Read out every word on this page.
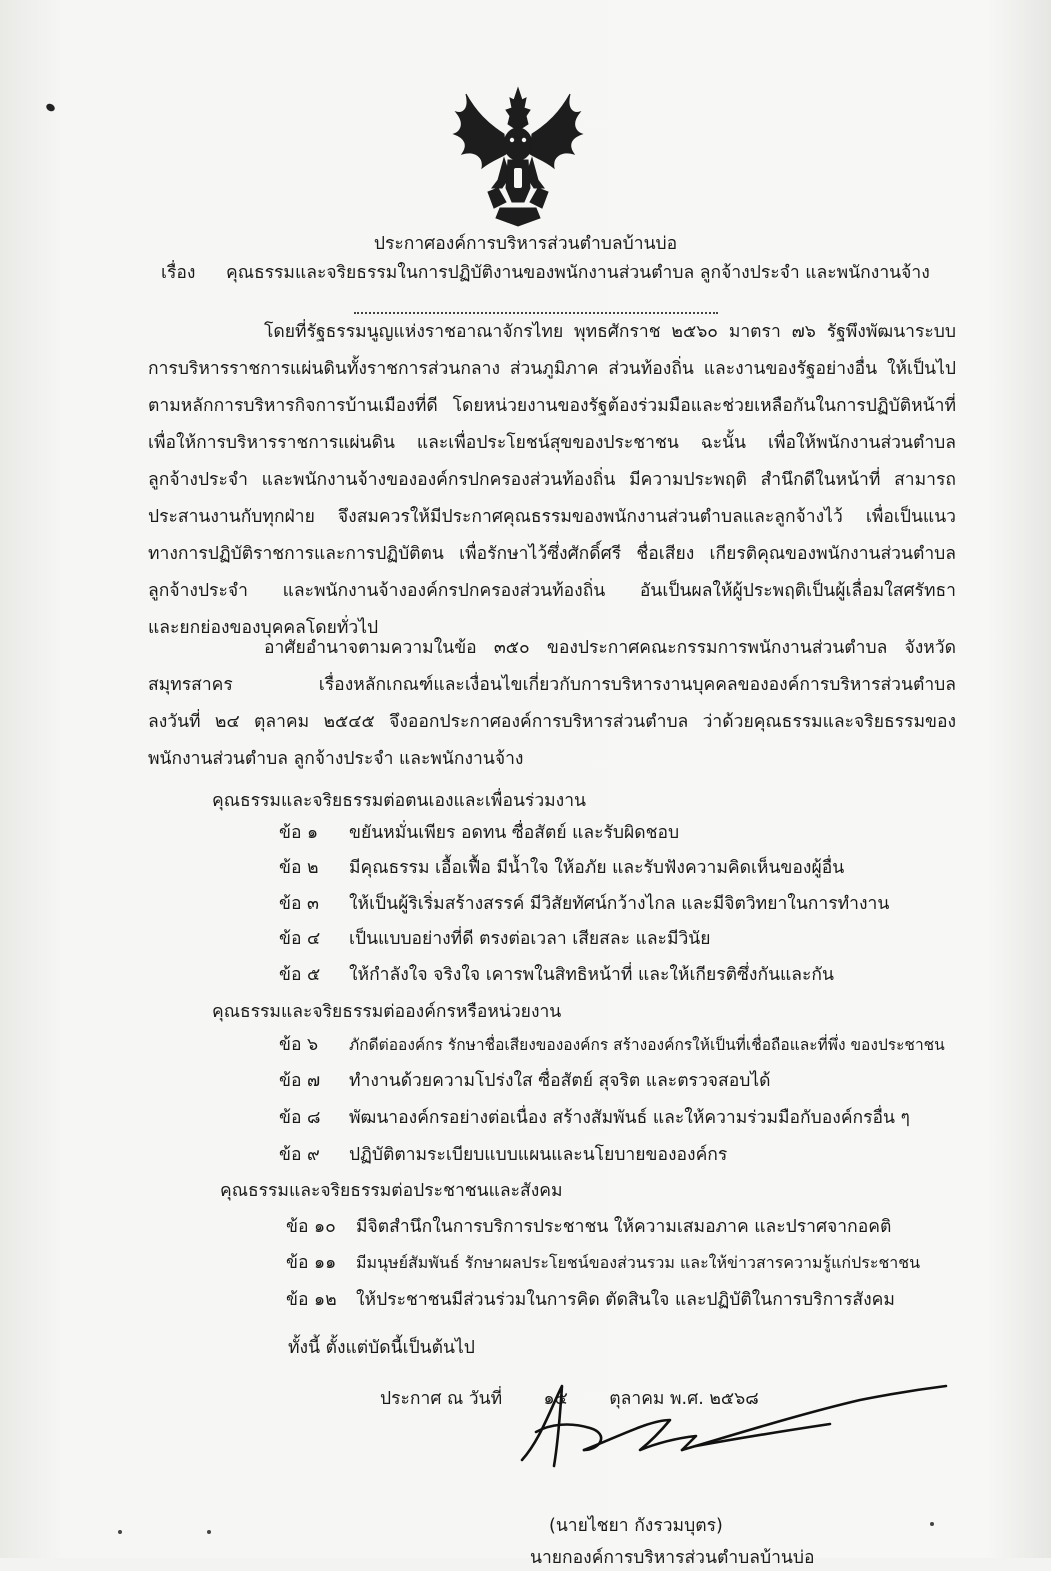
ประกาศองค์การบริหารส่วนตำบลบ้านบ่อ
เรื่อง คุณธรรมและจริยธรรมในการปฏิบัติงานของพนักงานส่วนตำบล ลูกจ้างประจำ และพนักงานจ้าง
โดยที่รัฐธรรมนูญแห่งราชอาณาจักรไทย พุทธศักราช ๒๕๖๐ มาตรา ๗๖ รัฐพึงพัฒนาระบบ
การบริหารราชการแผ่นดินทั้งราชการส่วนกลาง ส่วนภูมิภาค ส่วนท้องถิ่น และงานของรัฐอย่างอื่น ให้เป็นไป
ตามหลักการบริหารกิจการบ้านเมืองที่ดี โดยหน่วยงานของรัฐต้องร่วมมือและช่วยเหลือกันในการปฏิบัติหน้าที่
เพื่อให้การบริหารราชการแผ่นดิน และเพื่อประโยชน์สุขของประชาชน ฉะนั้น เพื่อให้พนักงานส่วนตำบล
ลูกจ้างประจำ และพนักงานจ้างขององค์กรปกครองส่วนท้องถิ่น มีความประพฤติ สำนึกดีในหน้าที่ สามารถ
ประสานงานกับทุกฝ่าย จึงสมควรให้มีประกาศคุณธรรมของพนักงานส่วนตำบลและลูกจ้างไว้ เพื่อเป็นแนว
ทางการปฏิบัติราชการและการปฏิบัติตน เพื่อรักษาไว้ซึ่งศักดิ์ศรี ชื่อเสียง เกียรติคุณของพนักงานส่วนตำบล
ลูกจ้างประจำ และพนักงานจ้างองค์กรปกครองส่วนท้องถิ่น อันเป็นผลให้ผู้ประพฤติเป็นผู้เลื่อมใสศรัทธา
และยกย่องของบุคคลโดยทั่วไป
อาศัยอำนาจตามความในข้อ ๓๕๐ ของประกาศคณะกรรมการพนักงานส่วนตำบล จังหวัด
สมุทรสาคร เรื่องหลักเกณฑ์และเงื่อนไขเกี่ยวกับการบริหารงานบุคคลขององค์การบริหารส่วนตำบล
ลงวันที่ ๒๔ ตุลาคม ๒๕๔๕ จึงออกประกาศองค์การบริหารส่วนตำบล ว่าด้วยคุณธรรมและจริยธรรมของ
พนักงานส่วนตำบล ลูกจ้างประจำ และพนักงานจ้าง
คุณธรรมและจริยธรรมต่อตนเองและเพื่อนร่วมงาน
ข้อ ๑ ขยันหมั่นเพียร อดทน ซื่อสัตย์ และรับผิดชอบ
ข้อ ๒ มีคุณธรรม เอื้อเฟื้อ มีน้ำใจ ให้อภัย และรับฟังความคิดเห็นของผู้อื่น
ข้อ ๓ ให้เป็นผู้ริเริ่มสร้างสรรค์ มีวิสัยทัศน์กว้างไกล และมีจิตวิทยาในการทำงาน
ข้อ ๔ เป็นแบบอย่างที่ดี ตรงต่อเวลา เสียสละ และมีวินัย
ข้อ ๕ ให้กำลังใจ จริงใจ เคารพในสิทธิหน้าที่ และให้เกียรติซึ่งกันและกัน
คุณธรรมและจริยธรรมต่อองค์กรหรือหน่วยงาน
ข้อ ๖ ภักดีต่อองค์กร รักษาชื่อเสียงขององค์กร สร้างองค์กรให้เป็นที่เชื่อถือและที่พึ่ง ของประชาชน
ข้อ ๗ ทำงานด้วยความโปร่งใส ซื่อสัตย์ สุจริต และตรวจสอบได้
ข้อ ๘ พัฒนาองค์กรอย่างต่อเนื่อง สร้างสัมพันธ์ และให้ความร่วมมือกับองค์กรอื่น ๆ
ข้อ ๙ ปฏิบัติตามระเบียบแบบแผนและนโยบายขององค์กร
คุณธรรมและจริยธรรมต่อประชาชนและสังคม
ข้อ ๑๐ มีจิตสำนึกในการบริการประชาชน ให้ความเสมอภาค และปราศจากอคติ
ข้อ ๑๑ มีมนุษย์สัมพันธ์ รักษาผลประโยชน์ของส่วนรวม และให้ข่าวสารความรู้แก่ประชาชน
ข้อ ๑๒ ให้ประชาชนมีส่วนร่วมในการคิด ตัดสินใจ และปฏิบัติในการบริการสังคม
ทั้งนี้ ตั้งแต่บัดนี้เป็นต้นไป
ประกาศ ณ วันที่ ๑๕ ตุลาคม พ.ศ. ๒๕๖๘
(นายไชยา กังรวมบุตร)
นายกองค์การบริหารส่วนตำบลบ้านบ่อ
